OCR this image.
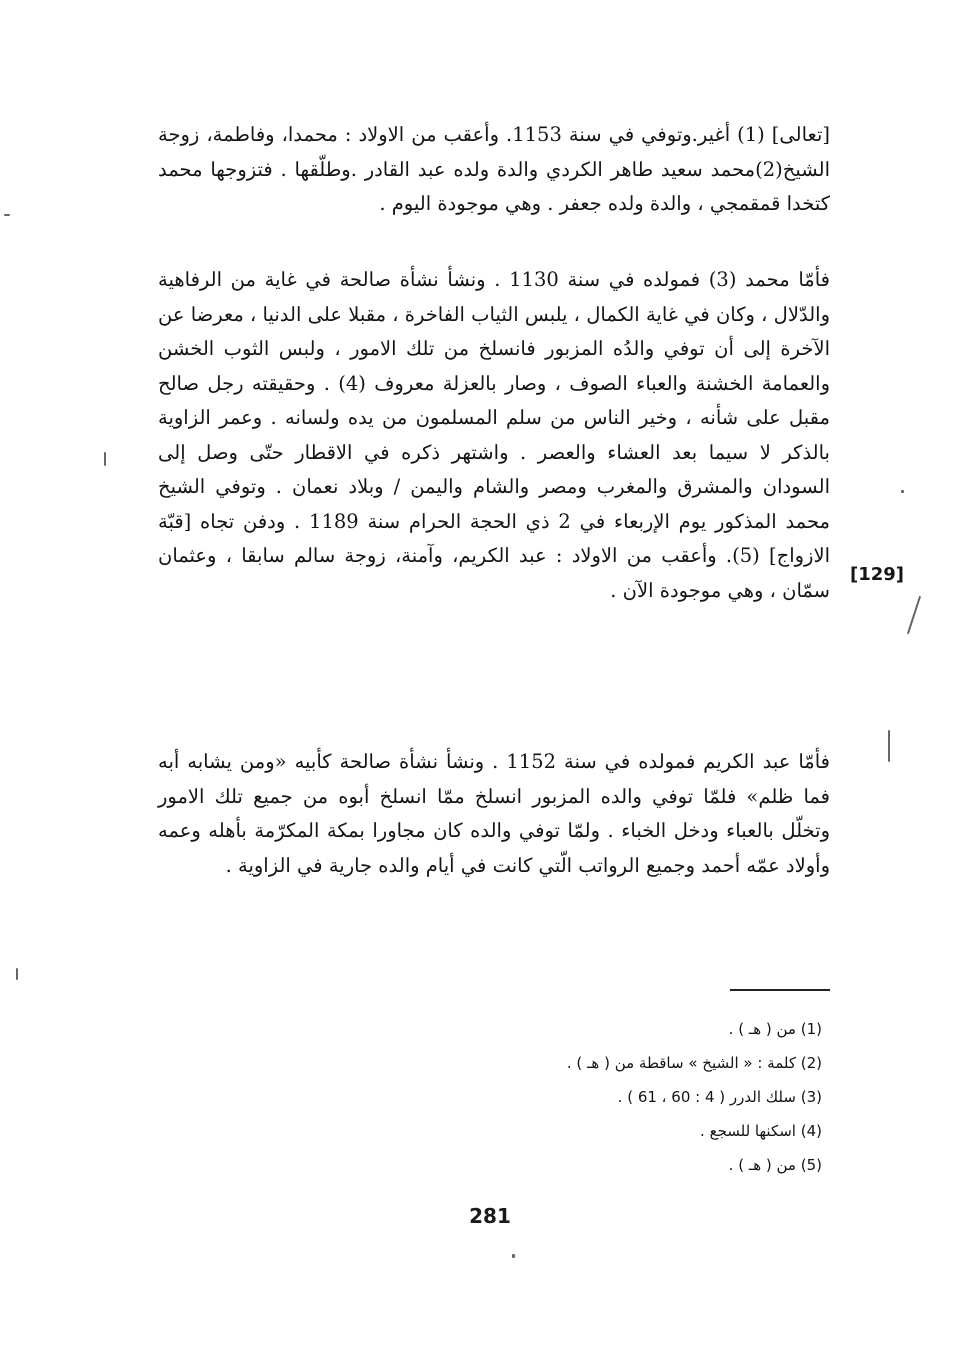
[تعالى] (1) أغير.وتوفي في سنة 1153. وأعقب من الاولاد : محمدا، وفاطمة، زوجة الشيخ(2)محمد سعيد طاهر الكردي والدة ولده عبد القادر .وطلّقها . فتزوجها محمد كتخدا قمقمجي ، والدة ولده جعفر . وهي موجودة اليوم .

فأمّا محمد (3) فمولده في سنة 1130 . ونشأ نشأة صالحة في غاية من الرفاهية والدّلال ، وكان في غاية الكمال ، يلبس الثياب الفاخرة ، مقبلا على الدنيا ، معرضا عن الآخرة إلى أن توفي والدُه المزبور فانسلخ من تلك الامور ، ولبس الثوب الخشن والعمامة الخشنة والعباء الصوف ، وصار بالعزلة معروف (4) . وحقيقته رجل صالح مقبل على شأنه ، وخير الناس من سلم المسلمون من يده ولسانه . وعمر الزاوية بالذكر لا سيما بعد العشاء والعصر . واشتهر ذكره في الاقطار حتّى وصل إلى السودان والمشرق والمغرب ومصر والشام واليمن / وبلاد نعمان . وتوفي الشيخ محمد المذكور يوم الإربعاء في 2 ذي الحجة الحرام سنة 1189 . ودفن تجاه [قبّة الازواج] (5). وأعقب من الاولاد : عبد الكريم، وآمنة، زوجة سالم سابقا ، وعثمان سمّان ، وهي موجودة الآن .

[129]

فأمّا عبد الكريم فمولده في سنة 1152 . ونشأ نشأة صالحة كأبيه «ومن يشابه أبه فما ظلم» فلمّا توفي والده المزبور انسلخ ممّا انسلخ أبوه من جميع تلك الامور وتخلّل بالعباء ودخل الخباء . ولمّا توفي والده كان مجاورا بمكة المكرّمة بأهله وعمه وأولاد عمّه أحمد وجميع الرواتب الّتي كانت في أيام والده جارية في الزاوية .

(1) من ( هـ ) .
(2) كلمة : « الشيخ » ساقطة من ( هـ ) .
(3) سلك الدرر ( 4 : 60 ، 61 ) .
(4) اسكنها للسجع .
(5) من ( هـ ) .
281
